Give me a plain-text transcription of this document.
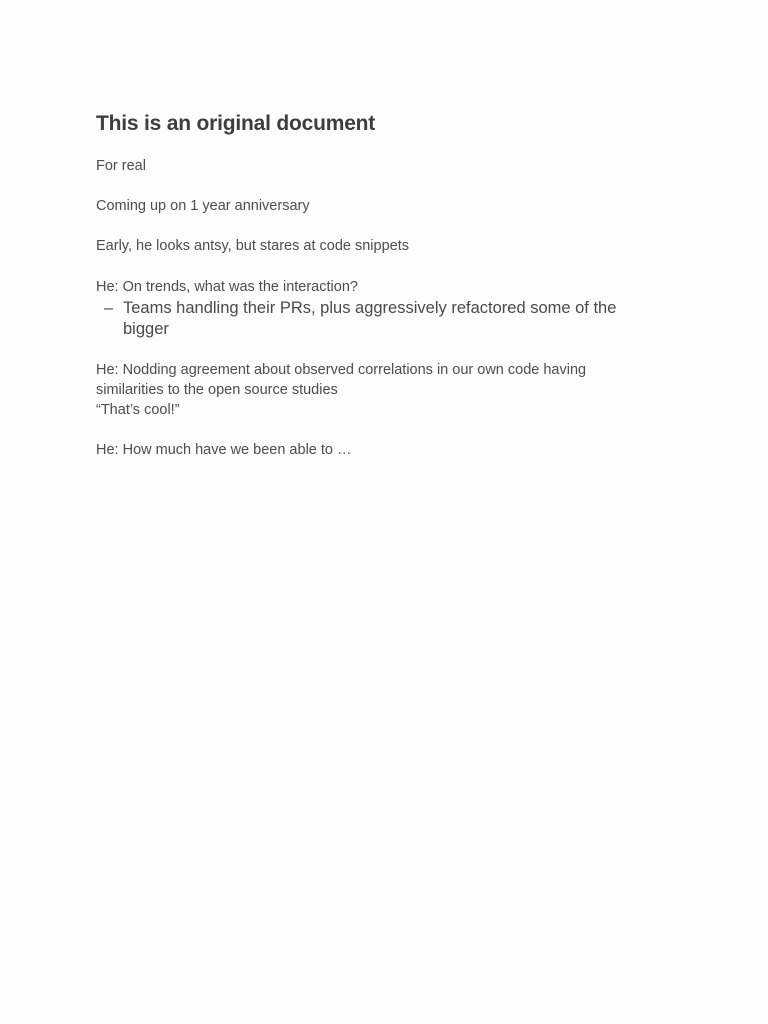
This is an original document

For real

Coming up on 1 year anniversary

Early, he looks antsy, but stares at code snippets

He: On trends, what was the interaction?

– Teams handling their PRs, plus aggressively refactored some of the bigger

He: Nodding agreement about observed correlations in our own code having similarities to the open source studies

“That’s cool!”

He: How much have we been able to …
